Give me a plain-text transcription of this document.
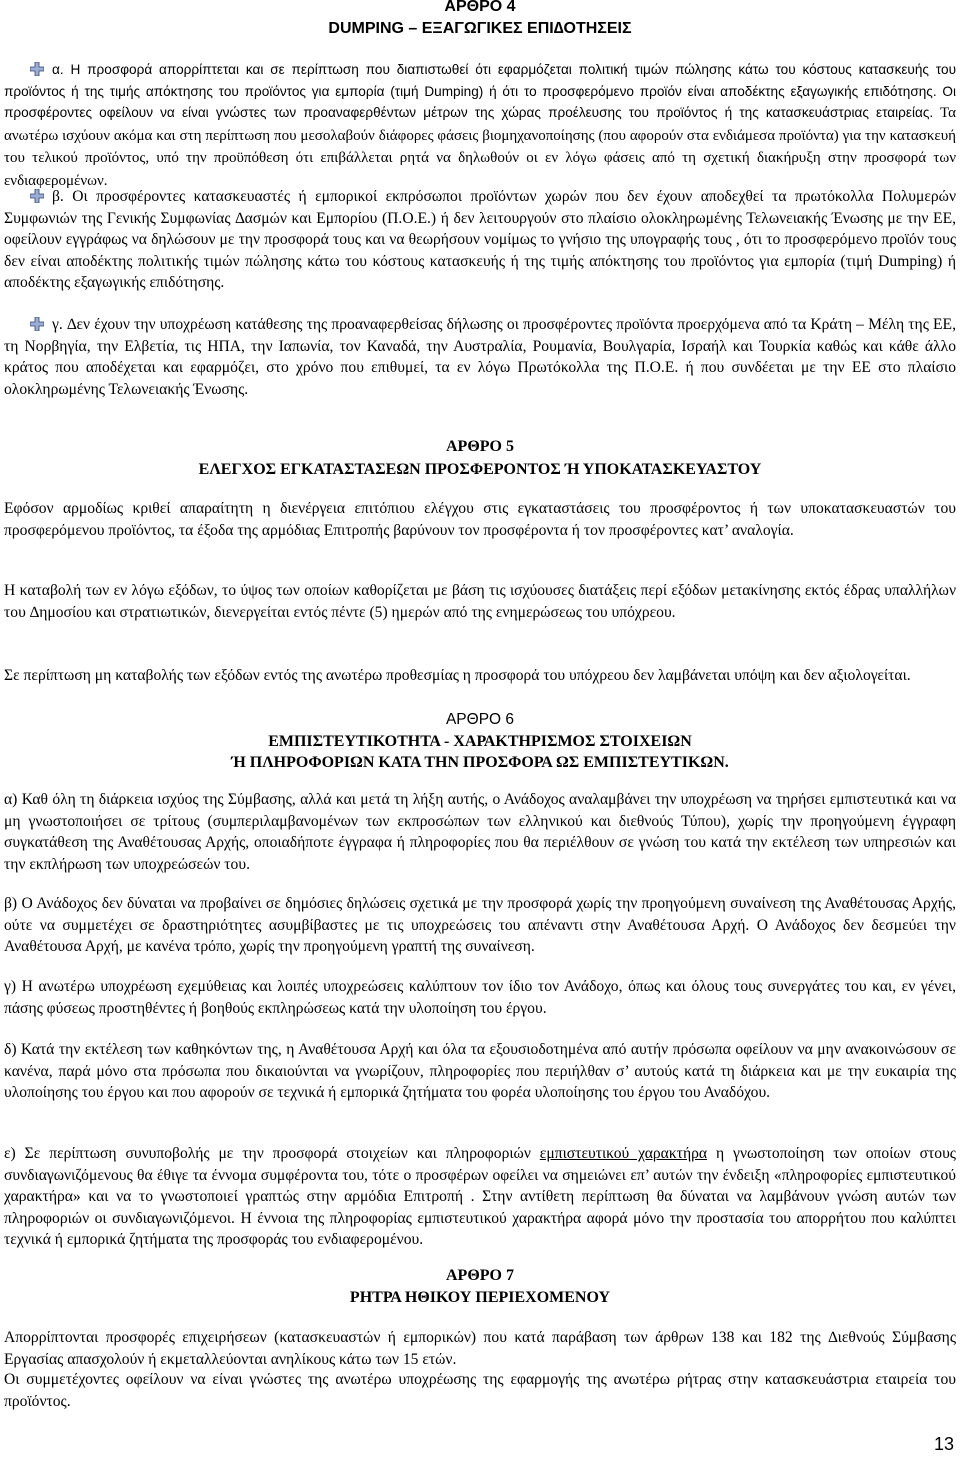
ΑΡΘΡΟ 4

DUMPING – ΕΞΑΓΩΓΙΚΕΣ ΕΠΙ∆ΟΤΗΣΕΙΣ

α. Η προσφορά απορρίπτεται και σε περίπτωση που διαπιστωθεί ότι εφαρμόζεται πολιτική τιμών πώλησης κάτω του κόστους κατασκευής του προϊόντος ή της τιμής απόκτησης του προϊόντος για εμπορία (τιμή Dumping) ή ότι το προσφερόμενο προϊόν είναι αποδέκτης εξαγωγικής επιδότησης. Οι προσφέροντες οφείλουν να είναι γνώστες των προαναφερθέντων μέτρων της χώρας προέλευσης του προϊόντος ή της κατασκευάστριας εταιρείας. Τα ανωτέρω ισχύουν ακόμα και στη περίπτωση που μεσολαβούν διάφορες φάσεις βιομηχανοποίησης (που αφορούν στα ενδιάμεσα προϊόντα) για την κατασκευή του τελικού προϊόντος, υπό την προϋπόθεση ότι επιβάλλεται ρητά να δηλωθούν οι εν λόγω φάσεις από τη σχετική διακήρυξη στην προσφορά των ενδιαφερομένων.

β. Οι προσφέροντες κατασκευαστές ή εμπορικοί εκπρόσωποι προϊόντων χωρών που δεν έχουν αποδεχθεί τα πρωτόκολλα Πολυμερών Συμφωνιών της Γενικής Συμφωνίας ∆ασμών και Εμπορίου (Π.Ο.Ε.) ή δεν λειτουργούν στο πλαίσιο ολοκληρωμένης Τελωνειακής Ένωσης με την ΕΕ, οφείλουν εγγράφως να δηλώσουν με την προσφορά τους και να θεωρήσουν νομίμως το γνήσιο της υπογραφής τους , ότι το προσφερόμενο προϊόν τους δεν είναι αποδέκτης πολιτικής τιμών πώλησης κάτω του κόστους κατασκευής ή της τιμής απόκτησης του προϊόντος για εμπορία (τιμή Dumping) ή αποδέκτης εξαγωγικής επιδότησης.

γ. ∆εν έχουν την υποχρέωση κατάθεσης της προαναφερθείσας δήλωσης οι προσφέροντες προϊόντα προερχόμενα από τα Κράτη – Μέλη της ΕΕ, τη Νορβηγία, την Ελβετία, τις ΗΠΑ, την Ιαπωνία, τον Καναδά, την Αυστραλία, Ρουμανία, Βουλγαρία, Ισραήλ και Τουρκία καθώς και κάθε άλλο κράτος που αποδέχεται και εφαρμόζει, στο χρόνο που επιθυμεί, τα εν λόγω Πρωτόκολλα της Π.Ο.Ε. ή που συνδέεται με την ΕΕ στο πλαίσιο ολοκληρωμένης Τελωνειακής Ένωσης.

ΑΡΘΡΟ 5

ΕΛΕΓΧΟΣ ΕΓΚΑΤΑΣΤΑΣΕΩΝ ΠΡΟΣΦΕΡΟΝΤΟΣ Ή ΥΠΟΚΑΤΑΣΚΕΥΑΣΤΟΥ

Εφόσον αρμοδίως κριθεί απαραίτητη η διενέργεια επιτόπιου ελέγχου στις εγκαταστάσεις του προσφέροντος ή των υποκατασκευαστών του προσφερόμενου προϊόντος, τα έξοδα της αρμόδιας Επιτροπής βαρύνουν τον προσφέροντα ή τον προσφέροντες κατ’ αναλογία.

Η καταβολή των εν λόγω εξόδων, το ύψος των οποίων καθορίζεται με βάση τις ισχύουσες διατάξεις περί εξόδων μετακίνησης εκτός έδρας υπαλλήλων του ∆ημοσίου και στρατιωτικών, διενεργείται εντός πέντε (5) ημερών από της ενημερώσεως του υπόχρεου.

Σε περίπτωση μη καταβολής των εξόδων εντός της ανωτέρω προθεσμίας η προσφορά του υπόχρεου δεν λαμβάνεται υπόψη και δεν αξιολογείται.

ΑΡΘΡΟ 6

ΕΜΠΙΣΤΕΥΤΙΚΟΤΗΤΑ - ΧΑΡΑΚΤΗΡΙΣΜΟΣ ΣΤΟΙΧΕΙΩΝ

Ή ΠΛΗΡΟΦΟΡΙΩΝ ΚΑΤΑ ΤΗΝ ΠΡΟΣΦΟΡΑ ΩΣ ΕΜΠΙΣΤΕΥΤΙΚΩΝ.

α) Καθ όλη τη διάρκεια ισχύος της Σύμβασης, αλλά και μετά τη λήξη αυτής, ο Ανάδοχος αναλαμβάνει την υποχρέωση να τηρήσει εμπιστευτικά και να μη γνωστοποιήσει σε τρίτους (συμπεριλαμβανομένων των εκπροσώπων των ελληνικού και διεθνούς Τύπου), χωρίς την προηγούμενη έγγραφη συγκατάθεση της Αναθέτουσας Αρχής, οποιαδήποτε έγγραφα ή πληροφορίες που θα περιέλθουν σε γνώση του κατά την εκτέλεση των υπηρεσιών και την εκπλήρωση των υποχρεώσεών του.

β) Ο Ανάδοχος δεν δύναται να προβαίνει σε δημόσιες δηλώσεις σχετικά με την προσφορά χωρίς την προηγούμενη συναίνεση της Αναθέτουσας Αρχής, ούτε να συμμετέχει σε δραστηριότητες ασυμβίβαστες με τις υποχρεώσεις του απέναντι στην Αναθέτουσα Αρχή. Ο Ανάδοχος δεν δεσμεύει την Αναθέτουσα Αρχή, με κανένα τρόπο, χωρίς την προηγούμενη γραπτή της συναίνεση.

γ) Η ανωτέρω υποχρέωση εχεμύθειας και λοιπές υποχρεώσεις καλύπτουν τον ίδιο τον Ανάδοχο, όπως και όλους τους συνεργάτες του και, εν γένει, πάσης φύσεως προστηθέντες ή βοηθούς εκπληρώσεως κατά την υλοποίηση του έργου.

δ) Κατά την εκτέλεση των καθηκόντων της, η Αναθέτουσα Αρχή και όλα τα εξουσιοδοτημένα από αυτήν πρόσωπα οφείλουν να μην ανακοινώσουν σε κανένα, παρά μόνο στα πρόσωπα που δικαιούνται να γνωρίζουν, πληροφορίες που περιήλθαν σ’ αυτούς κατά τη διάρκεια και με την ευκαιρία της υλοποίησης του έργου και που αφορούν σε τεχνικά ή εμπορικά ζητήματα του φορέα υλοποίησης του έργου του Αναδόχου.

ε) Σε περίπτωση συνυποβολής με την προσφορά στοιχείων και πληροφοριών εμπιστευτικού χαρακτήρα η γνωστοποίηση των οποίων στους συνδιαγωνιζόμενους θα έθιγε τα έννομα συμφέροντα του, τότε ο προσφέρων οφείλει να σημειώνει επ’ αυτών την ένδειξη «πληροφορίες εμπιστευτικού χαρακτήρα» και να το γνωστοποιεί γραπτώς στην αρμόδια Επιτροπή . Στην αντίθετη περίπτωση θα δύναται να λαμβάνουν γνώση αυτών των πληροφοριών οι συνδιαγωνιζόμενοι. Η έννοια της πληροφορίας εμπιστευτικού χαρακτήρα αφορά μόνο την προστασία του απορρήτου που καλύπτει τεχνικά ή εμπορικά ζητήματα της προσφοράς του ενδιαφερομένου.

ΑΡΘΡΟ 7

ΡΗΤΡΑ ΗΘΙΚΟΥ ΠΕΡΙΕΧΟΜΕΝΟΥ

Απορρίπτονται προσφορές επιχειρήσεων (κατασκευαστών ή εμπορικών) που κατά παράβαση των άρθρων 138 και 182 της ∆ιεθνούς Σύμβασης Εργασίας απασχολούν ή εκμεταλλεύονται ανηλίκους κάτω των 15 ετών.

Οι συμμετέχοντες οφείλουν να είναι γνώστες της ανωτέρω υποχρέωσης της εφαρμογής της ανωτέρω ρήτρας στην κατασκευάστρια εταιρεία του προϊόντος.

13
